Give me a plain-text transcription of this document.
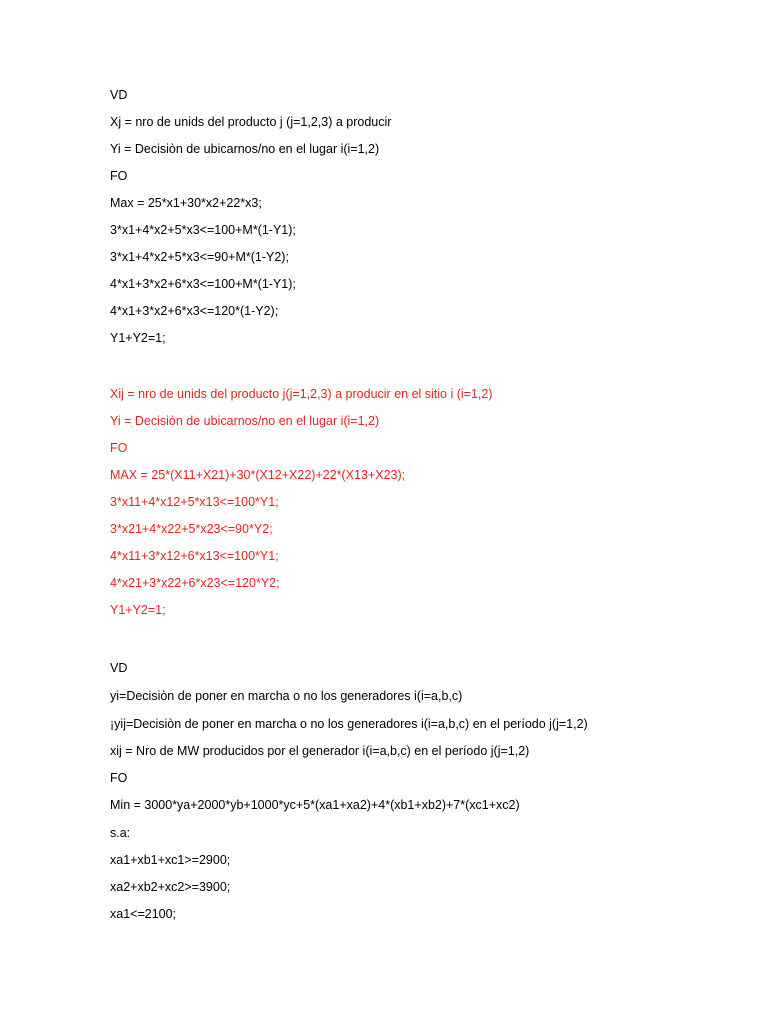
VD
Xj = nro de unids del producto j (j=1,2,3) a producir
Yi = Decisiòn de ubicarnos/no en el lugar i(i=1,2)
FO
Max = 25*x1+30*x2+22*x3;
3*x1+4*x2+5*x3<=100+M*(1-Y1);
3*x1+4*x2+5*x3<=90+M*(1-Y2);
4*x1+3*x2+6*x3<=100+M*(1-Y1);
4*x1+3*x2+6*x3<=120*(1-Y2);
Y1+Y2=1;
Xij = nro de unids del producto j(j=1,2,3) a producir en el sitio i (i=1,2)
Yi = Decisiòn de ubicarnos/no en el lugar i(i=1,2)
FO
MAX = 25*(X11+X21)+30*(X12+X22)+22*(X13+X23);
3*x11+4*x12+5*x13<=100*Y1;
3*x21+4*x22+5*x23<=90*Y2;
4*x11+3*x12+6*x13<=100*Y1;
4*x21+3*x22+6*x23<=120*Y2;
Y1+Y2=1;
VD
yi=Decisiòn de poner en marcha o no los generadores i(i=a,b,c)
¡yij=Decisiòn de poner en marcha o no los generadores i(i=a,b,c) en el período j(j=1,2)
xij = Nro de MW producidos por el generador i(i=a,b,c) en el período j(j=1,2)
FO
Min = 3000*ya+2000*yb+1000*yc+5*(xa1+xa2)+4*(xb1+xb2)+7*(xc1+xc2)
s.a:
xa1+xb1+xc1>=2900;
xa2+xb2+xc2>=3900;
xa1<=2100;
